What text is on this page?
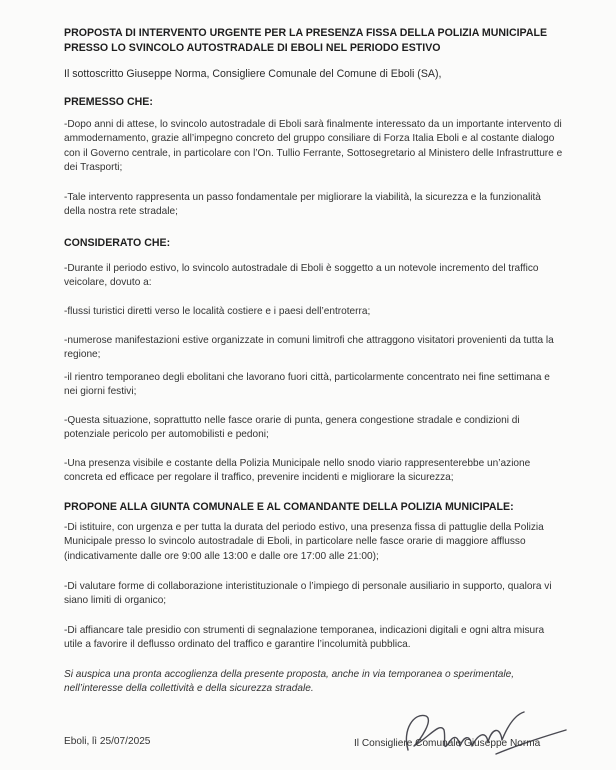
PROPOSTA DI INTERVENTO URGENTE PER LA PRESENZA FISSA DELLA POLIZIA MUNICIPALE PRESSO LO SVINCOLO AUTOSTRADALE DI EBOLI NEL PERIODO ESTIVO
Il sottoscritto Giuseppe Norma, Consigliere Comunale del Comune di Eboli (SA),
PREMESSO CHE:
-Dopo anni di attese, lo svincolo autostradale di Eboli sarà finalmente interessato da un importante intervento di ammodernamento, grazie all’impegno concreto del gruppo consiliare di Forza Italia Eboli e al costante dialogo con il Governo centrale, in particolare con l’On. Tullio Ferrante, Sottosegretario al Ministero delle Infrastrutture e dei Trasporti;
-Tale intervento rappresenta un passo fondamentale per migliorare la viabilità, la sicurezza e la funzionalità della nostra rete stradale;
CONSIDERATO CHE:
-Durante il periodo estivo, lo svincolo autostradale di Eboli è soggetto a un notevole incremento del traffico veicolare, dovuto a:
-flussi turistici diretti verso le località costiere e i paesi dell’entroterra;
-numerose manifestazioni estive organizzate in comuni limitrofi che attraggono visitatori provenienti da tutta la regione;
-il rientro temporaneo degli ebolitani che lavorano fuori città, particolarmente concentrato nei fine settimana e nei giorni festivi;
-Questa situazione, soprattutto nelle fasce orarie di punta, genera congestione stradale e condizioni di potenziale pericolo per automobilisti e pedoni;
-Una presenza visibile e costante della Polizia Municipale nello snodo viario rappresenterebbe un’azione concreta ed efficace per regolare il traffico, prevenire incidenti e migliorare la sicurezza;
PROPONE ALLA GIUNTA COMUNALE E AL COMANDANTE DELLA POLIZIA MUNICIPALE:
-Di istituire, con urgenza e per tutta la durata del periodo estivo, una presenza fissa di pattuglie della Polizia Municipale presso lo svincolo autostradale di Eboli, in particolare nelle fasce orarie di maggiore afflusso (indicativamente dalle ore 9:00 alle 13:00 e dalle ore 17:00 alle 21:00);
-Di valutare forme di collaborazione interistituzionale o l’impiego di personale ausiliario in supporto, qualora vi siano limiti di organico;
-Di affiancare tale presidio con strumenti di segnalazione temporanea, indicazioni digitali e ogni altra misura utile a favorire il deflusso ordinato del traffico e garantire l’incolumità pubblica.
Si auspica una pronta accoglienza della presente proposta, anche in via temporanea o sperimentale, nell’interesse della collettività e della sicurezza stradale.
Eboli, lì 25/07/2025	Il Consigliere Comunale Giuseppe Norma
